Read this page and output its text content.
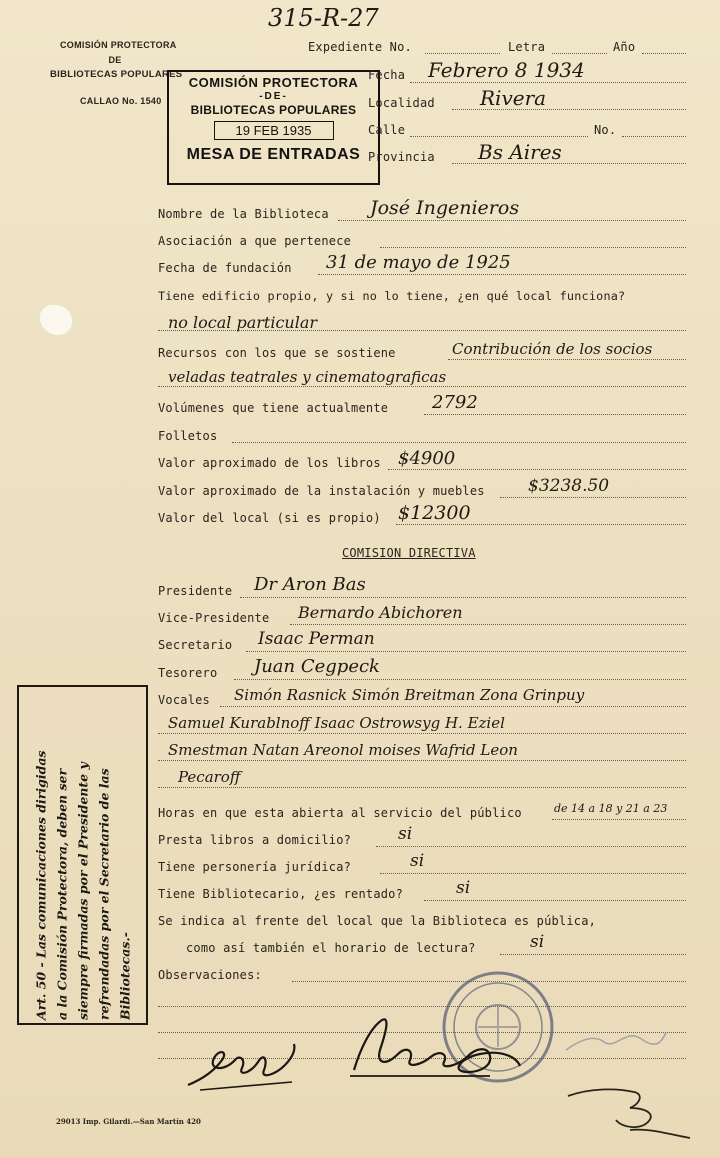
315-R-27
COMISIÓN PROTECTORA
DE
BIBLIOTECAS POPULARES
CALLAO No. 1540
COMISIÓN PROTECTORA
-DE-
BIBLIOTECAS POPULARES
19 FEB 1935
MESA DE ENTRADAS
Expediente No.	Letra	Año
Fecha Febrero 8 1934
Localidad Rivera
Calle	No.
Provincia Bs Aires
Nombre de la Biblioteca José Ingenieros
Asociación a que pertenece
Fecha de fundación 31 de mayo de 1925
Tiene edificio propio, y si no lo tiene, ¿en qué local funciona?
no local particular
Recursos con los que se sostiene	Contribución de los socios
veladas teatrales y cinematograficas
Volúmenes que tiene actualmente 2792
Folletos
Valor aproximado de los libros $4900
Valor aproximado de la instalación y muebles	$3238.50
Valor del local (si es propio) $12300
COMISION DIRECTIVA
Presidente Dr Aron Bas
Vice-Presidente Bernardo Abichoren
Secretario Isaac Perman
Tesorero Juan Cegpeck
Vocales Simón Rasnick Simón Breitman Zona Grinpuy
Samuel Kurablnoff Isaac Ostrowsyg H. Eziel
Smestman Natan Areonol moises Wafrid Leon
Pecaroff
Horas en que esta abierta al servicio del público	de 14 a 18 y 21 a 23
Presta libros a domicilio?	si
Tiene personería jurídica?	si
Tiene Bibliotecario, ¿es rentado?	si
Se indica al frente del local que la Biblioteca es pública,
como así también el horario de lectura?	si
Observaciones:
Art. 50 - Las comunicaciones dirigidas a la Comisión Protectora, deben ser siempre firmadas por el Presidente y refrendadas por el Secretario de las Bibliotecas.-
29013 Imp. Gilardi.—San Martín 420
